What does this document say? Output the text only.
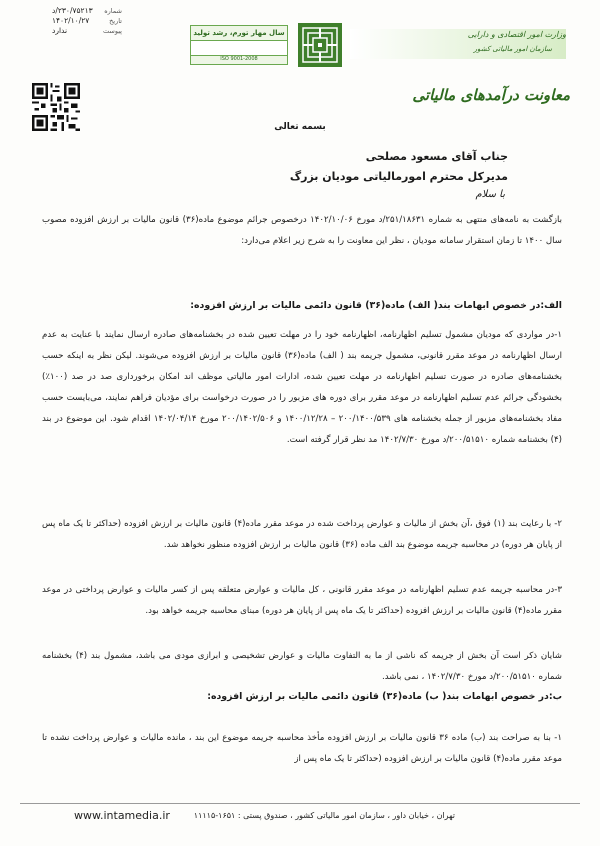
شماره
۲۳۰/۷۵۲۱۳/د
تاریخ
۱۴۰۲/۱۰/۲۷
پیوست
ندارد	سال مهار تورم، رشد تولید
ISO 9001-2008
وزارت امور اقتصادی و دارایی
سازمان امور مالیاتی کشور
معاونت درآمدهای مالیاتی
بسمه تعالی
جناب آقای مسعود مصلحی
مدیرکل محترم امورمالیاتی مودیان بزرگ
با سلام
بازگشت به نامه‌های منتهی به شماره ۲۵۱/۱۸۶۳۱/د مورخ ۱۴۰۲/۱۰/۰۶ درخصوص جرائم موضوع ماده(۳۶) قانون مالیات بر ارزش افزوده مصوب سال ۱۴۰۰ تا زمان استقرار سامانه مودیان ، نظر این معاونت را به شرح زیر اعلام می‌دارد:
الف:در خصوص ابهامات بند( الف) ماده(۳۶) قانون دائمی مالیات بر ارزش افزوده:
۱-در مواردی که مودیان مشمول تسلیم اظهارنامه، اظهارنامه خود را در مهلت تعیین شده در بخشنامه‌های صادره ارسال نمایند با عنایت به عدم ارسال اظهارنامه در موعد مقرر قانونی، مشمول جریمه بند ( الف) ماده(۳۶) قانون مالیات بر ارزش افزوده می‌شوند. لیکن نظر به اینکه حسب بخشنامه‌های صادره در صورت تسلیم اظهارنامه در مهلت تعیین شده، ادارات امور مالیاتی موظف اند امکان برخورداری صد در صد (۱۰۰٪) بخشودگی جرائم عدم تسلیم اظهارنامه در موعد مقرر برای دوره های مزبور را در صورت درخواست برای مؤدیان فراهم نمایند، می‌بایست حسب مفاد بخشنامه‌های مزبور از جمله بخشنامه های ۲۰۰/۱۴۰۰/۵۳۹ – ۱۴۰۰/۱۲/۲۸ و ۲۰۰/۱۴۰۲/۵۰۶ مورخ ۱۴۰۲/۰۴/۱۴ اقدام شود. این موضوع در بند (۴) بخشنامه شماره ۲۰۰/۵۱۵۱۰/د مورخ ۱۴۰۲/۷/۳۰ مد نظر قرار گرفته است.
۲- با رعایت بند (۱) فوق ،آن بخش از مالیات و عوارض پرداخت شده در موعد مقرر ماده(۴) قانون مالیات بر ارزش افزوده (حداکثر تا یک ماه پس از پایان هر دوره) در محاسبه جریمه موضوع بند الف ماده (۳۶) قانون مالیات بر ارزش افزوده منظور نخواهد شد.
۳-در محاسبه جریمه عدم تسلیم اظهارنامه در موعد مقرر قانونی ، کل مالیات و عوارض متعلقه پس از کسر مالیات و عوارض پرداختی در موعد مقرر ماده(۴) قانون مالیات بر ارزش افزوده (حداکثر تا یک ماه پس از پایان هر دوره) مبنای محاسبه جریمه خواهد بود.
شایان ذکر است آن بخش از جریمه که ناشی از ما به التفاوت مالیات و عوارض تشخیصی و ابرازی مودی می باشد، مشمول بند (۴) بخشنامه شماره ۲۰۰/۵۱۵۱۰/د مورخ ۱۴۰۲/۷/۳۰ ، نمی باشد.
ب:در خصوص ابهامات بند( ب) ماده(۳۶) قانون دائمی مالیات بر ارزش افزوده:
۱- بنا به صراحت بند (ب) ماده ۳۶ قانون مالیات بر ارزش افزوده مأخذ محاسبه جریمه موضوع این بند ، مانده مالیات و عوارض پرداخت نشده تا موعد مقرر ماده(۴) قانون مالیات بر ارزش افزوده (حداکثر تا یک ماه پس از
www.intamedia.ir	تهران ، خیابان داور ، سازمان امور مالیاتی کشور ، صندوق پستی : ۱۶۵۱-۱۱۱۱۵
